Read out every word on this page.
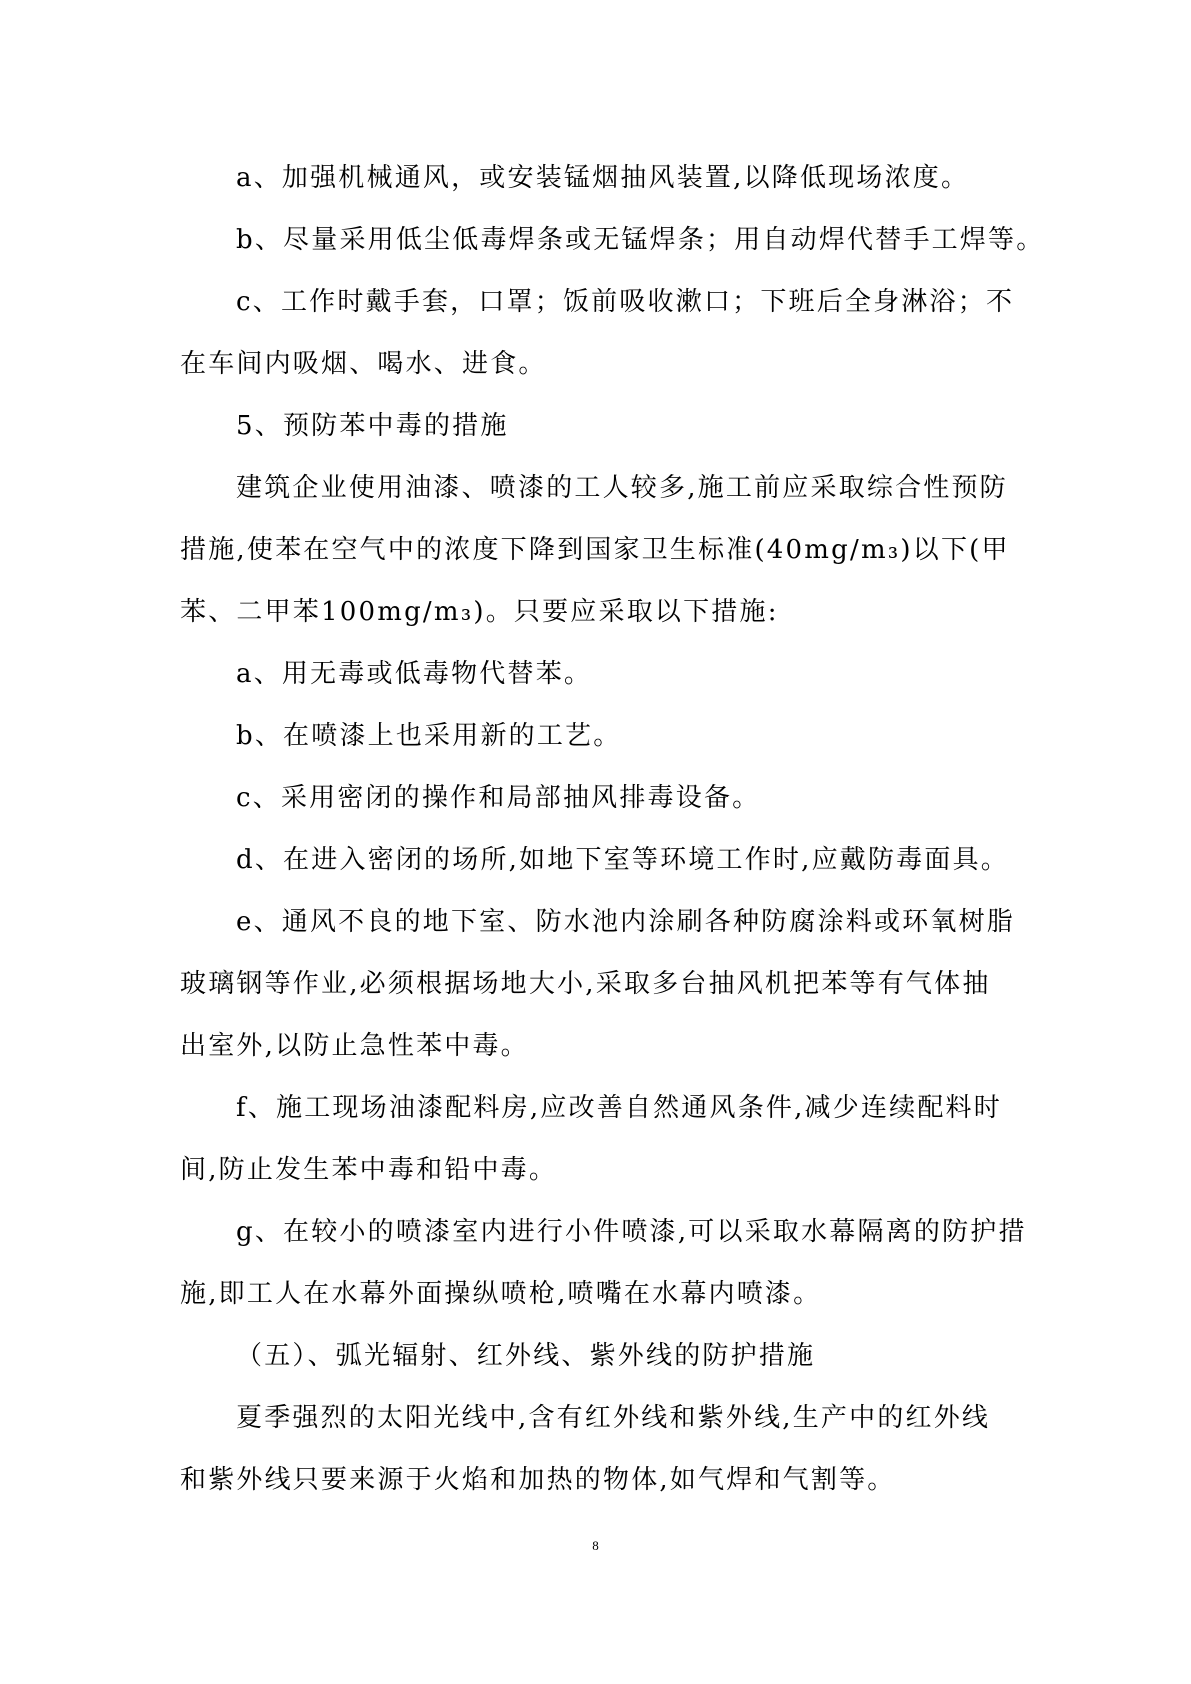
a、加强机械通风，或安装锰烟抽风装置,以降低现场浓度。
b、尽量采用低尘低毒焊条或无锰焊条；用自动焊代替手工焊等。
c、工作时戴手套，口罩；饭前吸收漱口；下班后全身淋浴；不
在车间内吸烟、喝水、进食。
5、预防苯中毒的措施
建筑企业使用油漆、喷漆的工人较多,施工前应采取综合性预防
措施,使苯在空气中的浓度下降到国家卫生标准(40mg/m₃)以下(甲
苯、二甲苯100mg/m₃)。只要应采取以下措施:
a、用无毒或低毒物代替苯。
b、在喷漆上也采用新的工艺。
c、采用密闭的操作和局部抽风排毒设备。
d、在进入密闭的场所,如地下室等环境工作时,应戴防毒面具。
e、通风不良的地下室、防水池内涂刷各种防腐涂料或环氧树脂
玻璃钢等作业,必须根据场地大小,采取多台抽风机把苯等有气体抽
出室外,以防止急性苯中毒。
f、施工现场油漆配料房,应改善自然通风条件,减少连续配料时
间,防止发生苯中毒和铅中毒。
g、在较小的喷漆室内进行小件喷漆,可以采取水幕隔离的防护措
施,即工人在水幕外面操纵喷枪,喷嘴在水幕内喷漆。
（五）、弧光辐射、红外线、紫外线的防护措施
夏季强烈的太阳光线中,含有红外线和紫外线,生产中的红外线
和紫外线只要来源于火焰和加热的物体,如气焊和气割等。
8
